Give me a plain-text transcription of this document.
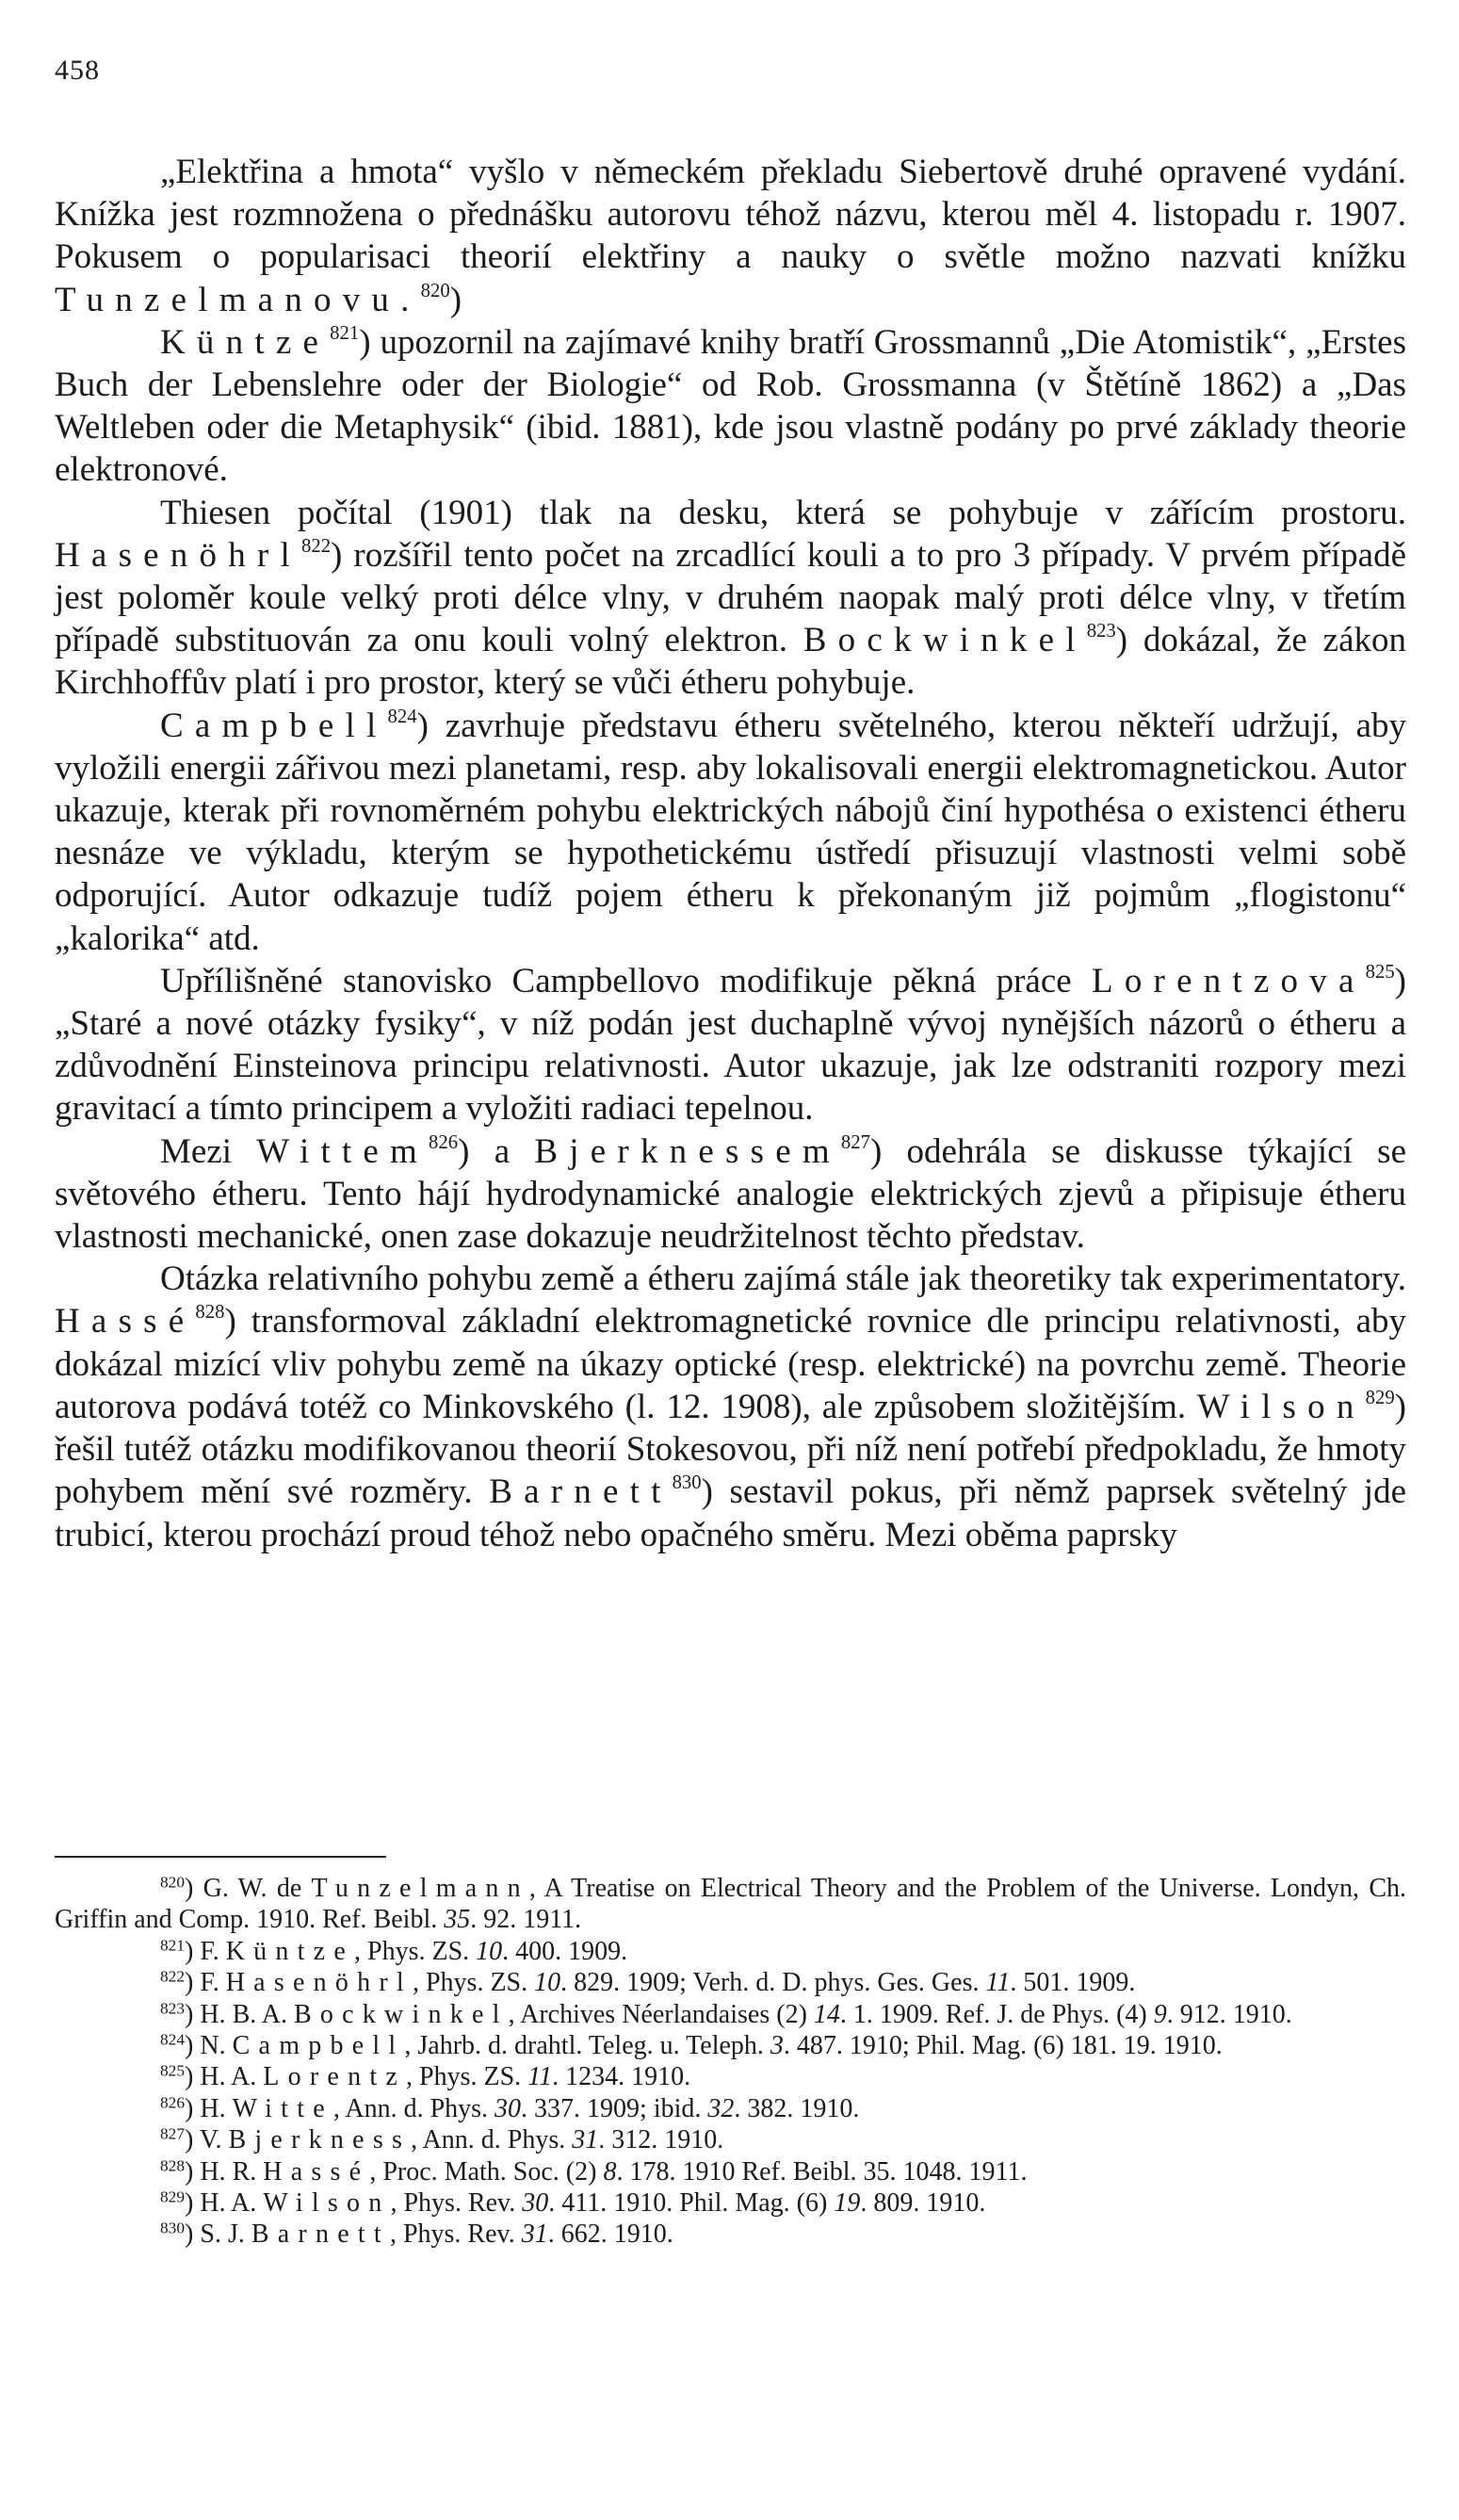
458

„Elektřina a hmota“ vyšlo v německém překladu Siebertově druhé opravené vydání. Knížka jest rozmnožena o přednášku autorovu téhož názvu, kterou měl 4. listopadu r. 1907. Pokusem o popularisaci theorií elektřiny a nauky o světle možno nazvati knížku Tunzelmanovu.$^{820}$)

Küntze$^{821}$) upozornil na zajímavé knihy bratří Grossmannů „Die Atomistik“, „Erstes Buch der Lebenslehre oder der Biologie“ od Rob. Grossmanna (v Štětíně 1862) a „Das Weltleben oder die Metaphysik“ (ibid. 1881), kde jsou vlastně podány po prvé základy theorie elektronové.

Thiesen počítal (1901) tlak na desku, která se pohybuje v zářícím prostoru. Hasenöhrl$^{822}$) rozšířil tento počet na zrcadlící kouli a to pro 3 případy. V prvém případě jest poloměr koule velký proti délce vlny, v druhém naopak malý proti délce vlny, v třetím případě substituován za onu kouli volný elektron. Bockwinkel$^{823}$) dokázal, že zákon Kirchhoffův platí i pro prostor, který se vůči étheru pohybuje.

Campbell$^{824}$) zavrhuje představu étheru světelného, kterou někteří udržují, aby vyložili energii zářivou mezi planetami, resp. aby lokalisovali energii elektromagnetickou. Autor ukazuje, kterak při rovnoměrném pohybu elektrických nábojů činí hypothésa o existenci étheru nesnáze ve výkladu, kterým se hypothetickému ústředí přisuzují vlastnosti velmi sobě odporující. Autor odkazuje tudíž pojem étheru k překonaným již pojmům „flogistonu“ „kalorika“ atd.

Upřílišněné stanovisko Campbellovo modifikuje pěkná práce Lorentzova$^{825}$) „Staré a nové otázky fysiky“, v níž podán jest duchaplně vývoj nynějších názorů o étheru a zdůvodnění Einsteinova principu relativnosti. Autor ukazuje, jak lze odstraniti rozpory mezi gravitací a tímto principem a vyložiti radiaci tepelnou.

Mezi Wittem$^{826}$) a Bjerknessem$^{827}$) odehrála se diskusse týkající se světového étheru. Tento hájí hydrodynamické analogie elektrických zjevů a připisuje étheru vlastnosti mechanické, onen zase dokazuje neudržitelnost těchto představ.

Otázka relativního pohybu země a étheru zajímá stále jak theoretiky tak experimentatory. Hassé$^{828}$) transformoval základní elektromagnetické rovnice dle principu relativnosti, aby dokázal mizící vliv pohybu země na úkazy optické (resp. elektrické) na povrchu země. Theorie autorova podává totéž co Minkovského (l. 12. 1908), ale způsobem složitějším. Wilson$^{829}$) řešil tutéž otázku modifikovanou theorií Stokesovou, při níž není potřebí předpokladu, že hmoty pohybem mění své rozměry. Barnett$^{830}$) sestavil pokus, při němž paprsek světelný jde trubicí, kterou prochází proud téhož nebo opačného směru. Mezi oběma paprsky

$^{820}$) G. W. de Tunzelmann, A Treatise on Electrical Theory and the Problem of the Universe. Londyn, Ch. Griffin and Comp. 1910. Ref. Beibl. 35. 92. 1911.

$^{821}$) F. Küntze, Phys. ZS. 10. 400. 1909.

$^{822}$) F. Hasenöhrl, Phys. ZS. 10. 829. 1909; Verh. d. D. phys. Ges. Ges. 11. 501. 1909.

$^{823}$) H. B. A. Bockwinkel, Archives Néerlandaises (2) 14. 1. 1909. Ref. J. de Phys. (4) 9. 912. 1910.

$^{824}$) N. Campbell, Jahrb. d. drahtl. Teleg. u. Teleph. 3. 487. 1910; Phil. Mag. (6) 181. 19. 1910.

$^{825}$) H. A. Lorentz, Phys. ZS. 11. 1234. 1910.

$^{826}$) H. Witte, Ann. d. Phys. 30. 337. 1909; ibid. 32. 382. 1910.

$^{827}$) V. Bjerkness, Ann. d. Phys. 31. 312. 1910.

$^{828}$) H. R. Hassé, Proc. Math. Soc. (2) 8. 178. 1910 Ref. Beibl. 35. 1048. 1911.

$^{829}$) H. A. Wilson, Phys. Rev. 30. 411. 1910. Phil. Mag. (6) 19. 809. 1910.

$^{830}$) S. J. Barnett, Phys. Rev. 31. 662. 1910.
